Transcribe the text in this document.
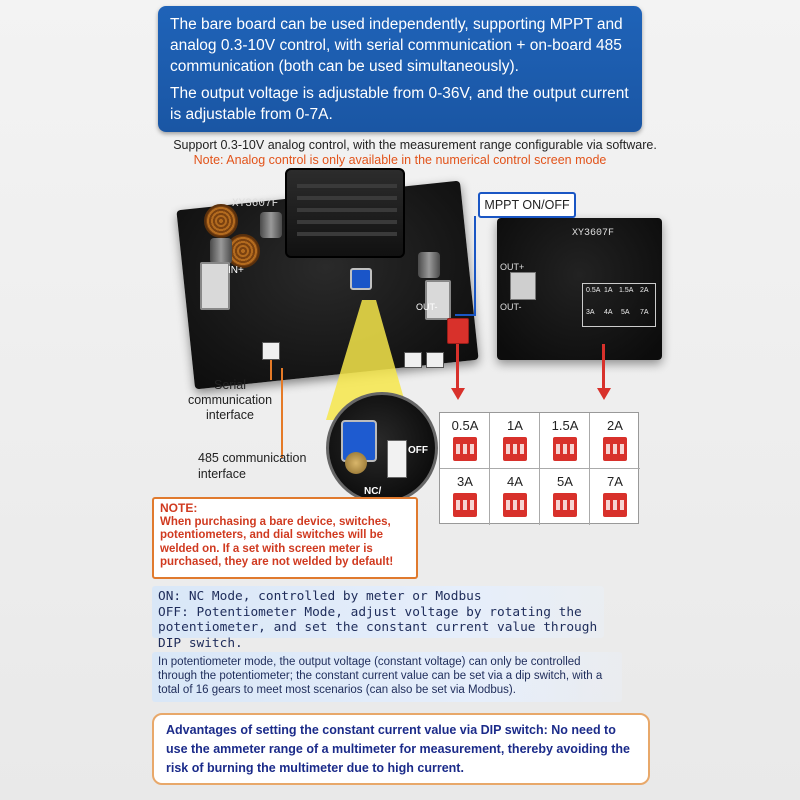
The bare board can be used independently, supporting MPPT and analog 0.3-10V control, with serial communication + on-board 485 communication (both can be used simultaneously).

The output voltage is adjustable from 0-36V, and the output current is adjustable from 0-7A.

Support 0.3-10V analog control, with the measurement range configurable via software.
Note: Analog control is only available in the numerical control screen mode
XY3607F
IN+
OUT-
XY3607F
OUT+
OUT-
0.5A 1A 1.5A 2A
3A 4A 5A 7A
MPPT ON/OFF
Serial communication interface
485 communication interface
OFF
NC/
0.5A	1A	1.5A	2A
3A	4A	5A	7A
NOTE:
When purchasing a bare device, switches, potentiometers, and dial switches will be welded on. If a set with screen meter is purchased, they are not welded by default!
ON: NC Mode, controlled by meter or Modbus
OFF: Potentiometer Mode, adjust voltage by rotating the potentiometer, and set the constant current value through DIP switch.
In potentiometer mode, the output voltage (constant voltage) can only be controlled through the potentiometer; the constant current value can be set via a dip switch, with a total of 16 gears to meet most scenarios (can also be set via Modbus).
Advantages of setting the constant current value via DIP switch: No need to use the ammeter range of a multimeter for measurement, thereby avoiding the risk of burning the multimeter due to high current.
